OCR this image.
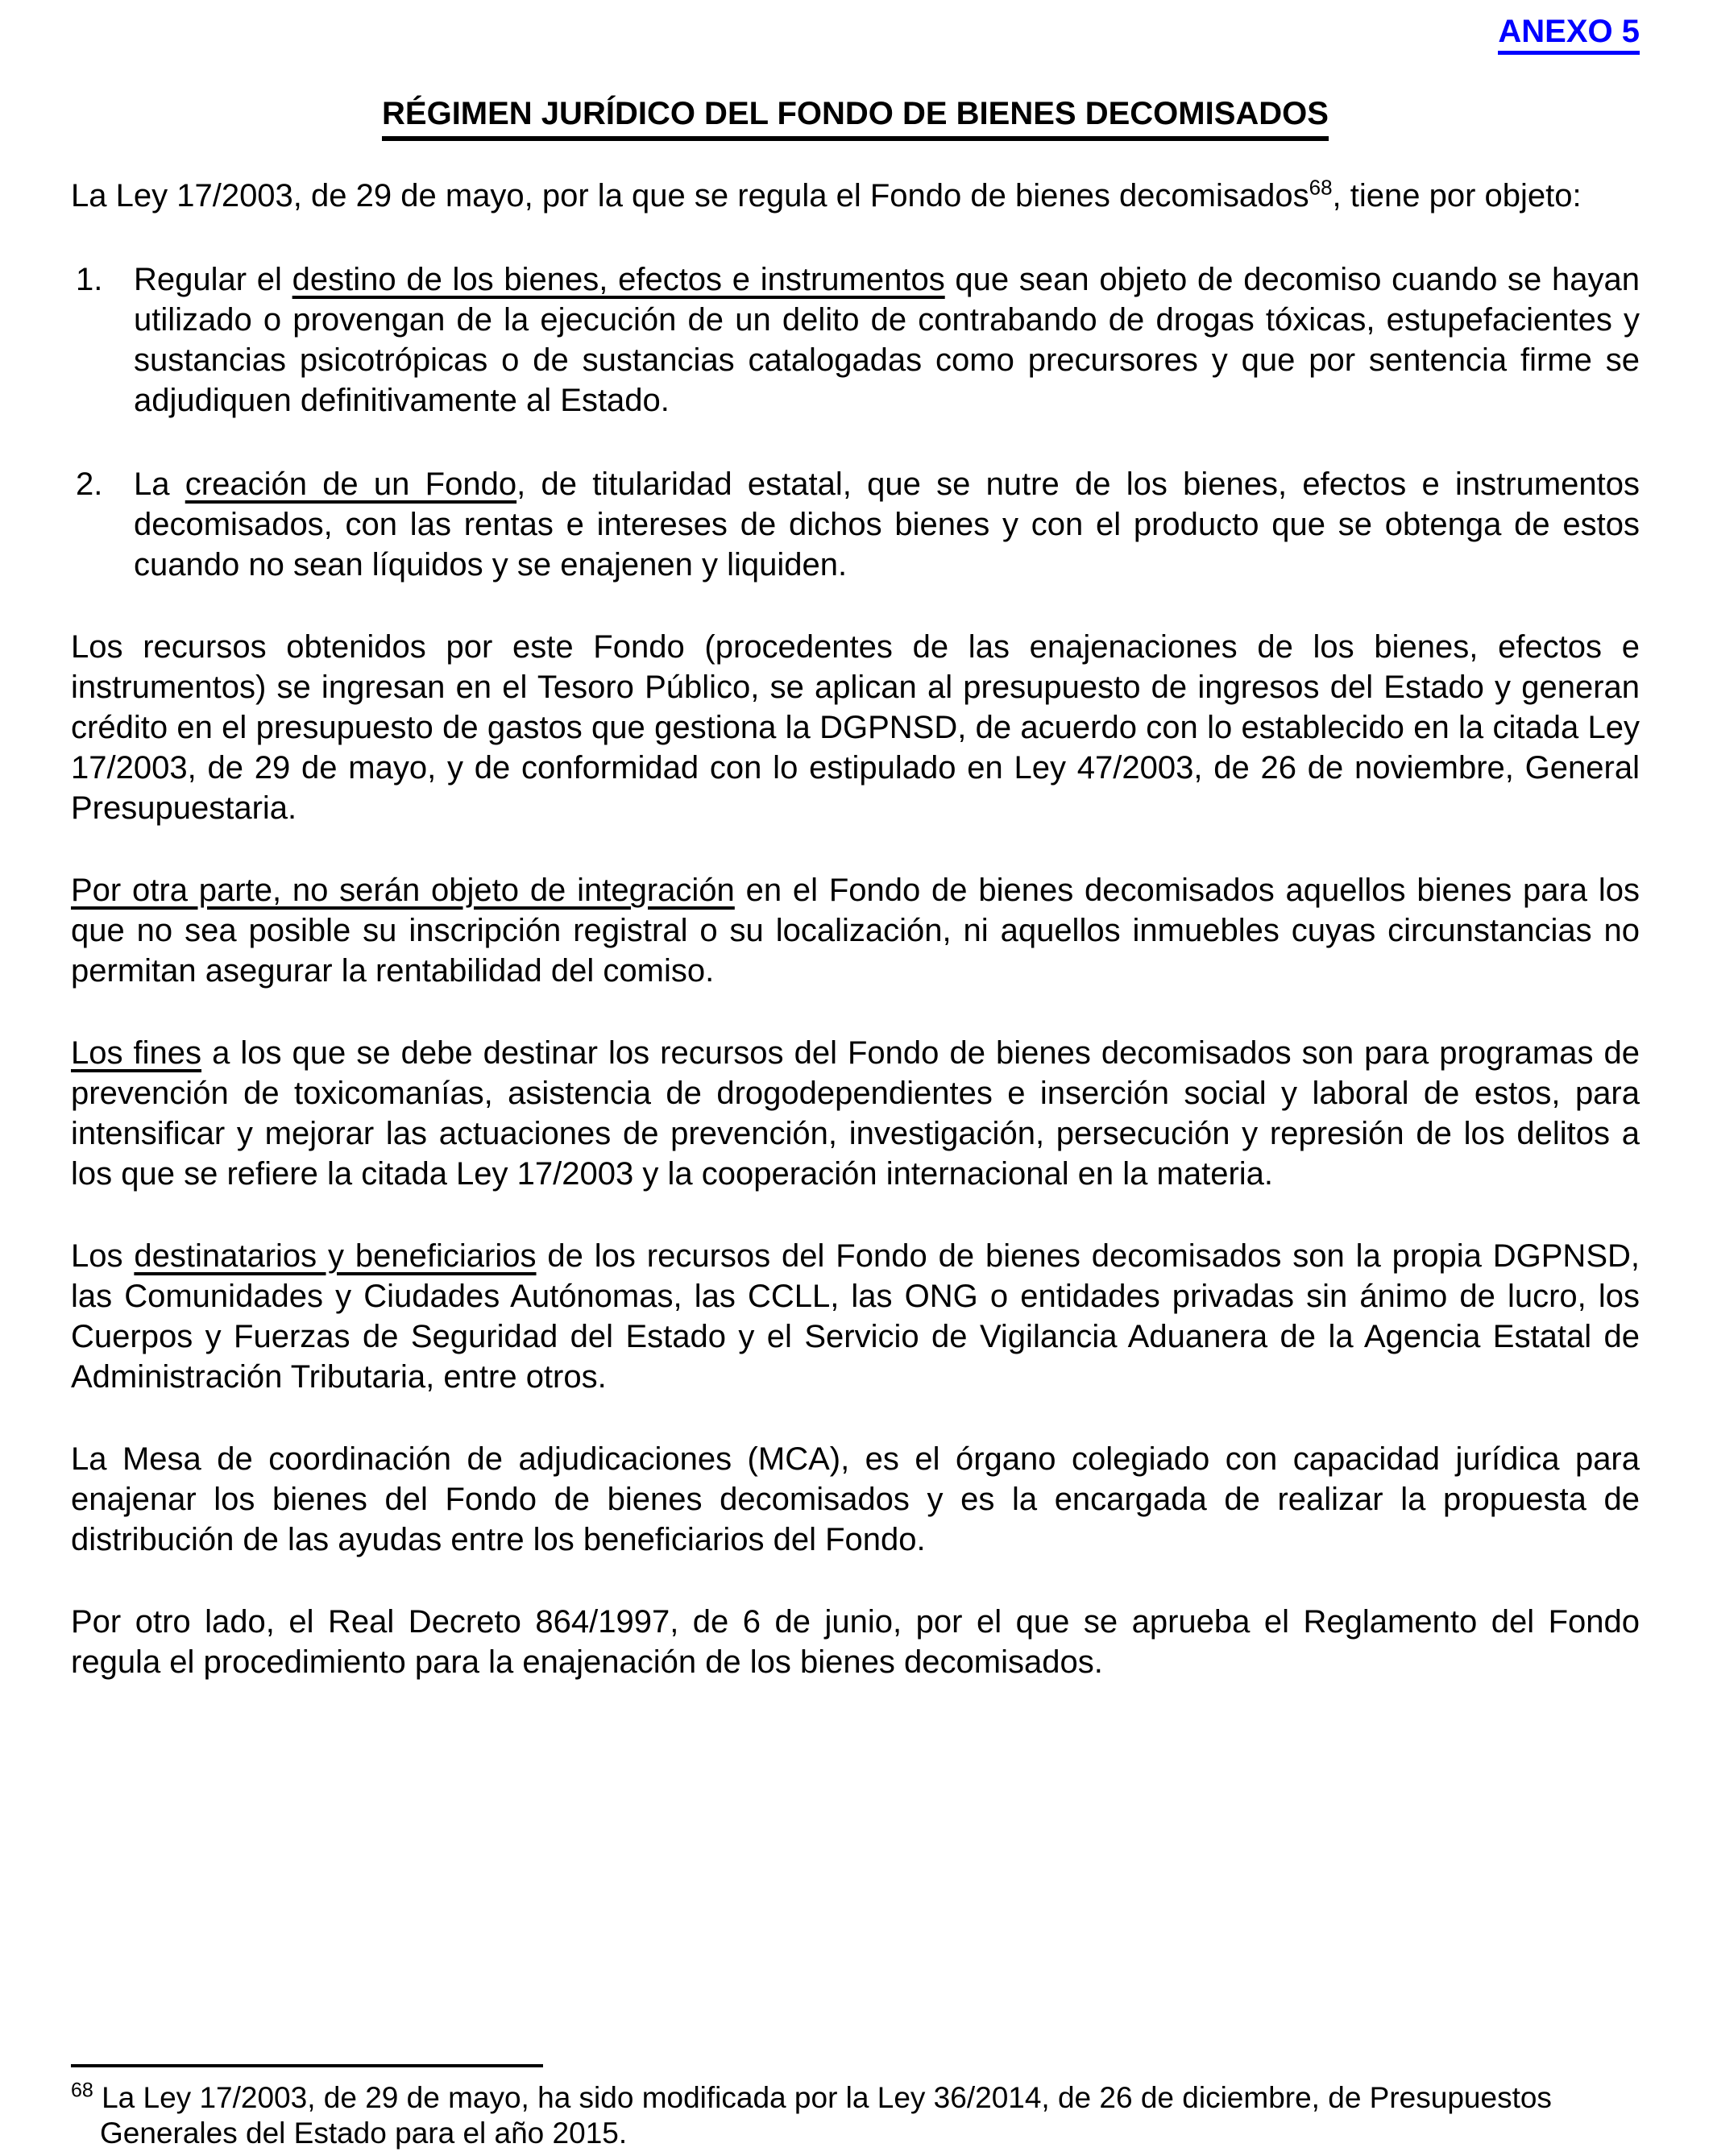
ANEXO 5
RÉGIMEN JURÍDICO DEL FONDO DE BIENES DECOMISADOS

La Ley 17/2003, de 29 de mayo, por la que se regula el Fondo de bienes decomisados$^{68}$, tiene por objeto:

1. Regular el destino de los bienes, efectos e instrumentos que sean objeto de decomiso cuando se hayan utilizado o provengan de la ejecución de un delito de contrabando de drogas tóxicas, estupefacientes y sustancias psicotrópicas o de sustancias catalogadas como precursores y que por sentencia firme se adjudiquen definitivamente al Estado.
2. La creación de un Fondo, de titularidad estatal, que se nutre de los bienes, efectos e instrumentos decomisados, con las rentas e intereses de dichos bienes y con el producto que se obtenga de estos cuando no sean líquidos y se enajenen y liquiden.

Los recursos obtenidos por este Fondo (procedentes de las enajenaciones de los bienes, efectos e instrumentos) se ingresan en el Tesoro Público, se aplican al presupuesto de ingresos del Estado y generan crédito en el presupuesto de gastos que gestiona la DGPNSD, de acuerdo con lo establecido en la citada Ley 17/2003, de 29 de mayo, y de conformidad con lo estipulado en Ley 47/2003, de 26 de noviembre, General Presupuestaria.

Por otra parte, no serán objeto de integración en el Fondo de bienes decomisados aquellos bienes para los que no sea posible su inscripción registral o su localización, ni aquellos inmuebles cuyas circunstancias no permitan asegurar la rentabilidad del comiso.

Los fines a los que se debe destinar los recursos del Fondo de bienes decomisados son para programas de prevención de toxicomanías, asistencia de drogodependientes e inserción social y laboral de estos, para intensificar y mejorar las actuaciones de prevención, investigación, persecución y represión de los delitos a los que se refiere la citada Ley 17/2003 y la cooperación internacional en la materia.

Los destinatarios y beneficiarios de los recursos del Fondo de bienes decomisados son la propia DGPNSD, las Comunidades y Ciudades Autónomas, las CCLL, las ONG o entidades privadas sin ánimo de lucro, los Cuerpos y Fuerzas de Seguridad del Estado y el Servicio de Vigilancia Aduanera de la Agencia Estatal de Administración Tributaria, entre otros.

La Mesa de coordinación de adjudicaciones (MCA), es el órgano colegiado con capacidad jurídica para enajenar los bienes del Fondo de bienes decomisados y es la encargada de realizar la propuesta de distribución de las ayudas entre los beneficiarios del Fondo.

Por otro lado, el Real Decreto 864/1997, de 6 de junio, por el que se aprueba el Reglamento del Fondo regula el procedimiento para la enajenación de los bienes decomisados.

$^{68}$ La Ley 17/2003, de 29 de mayo, ha sido modificada por la Ley 36/2014, de 26 de diciembre, de Presupuestos Generales del Estado para el año 2015.
